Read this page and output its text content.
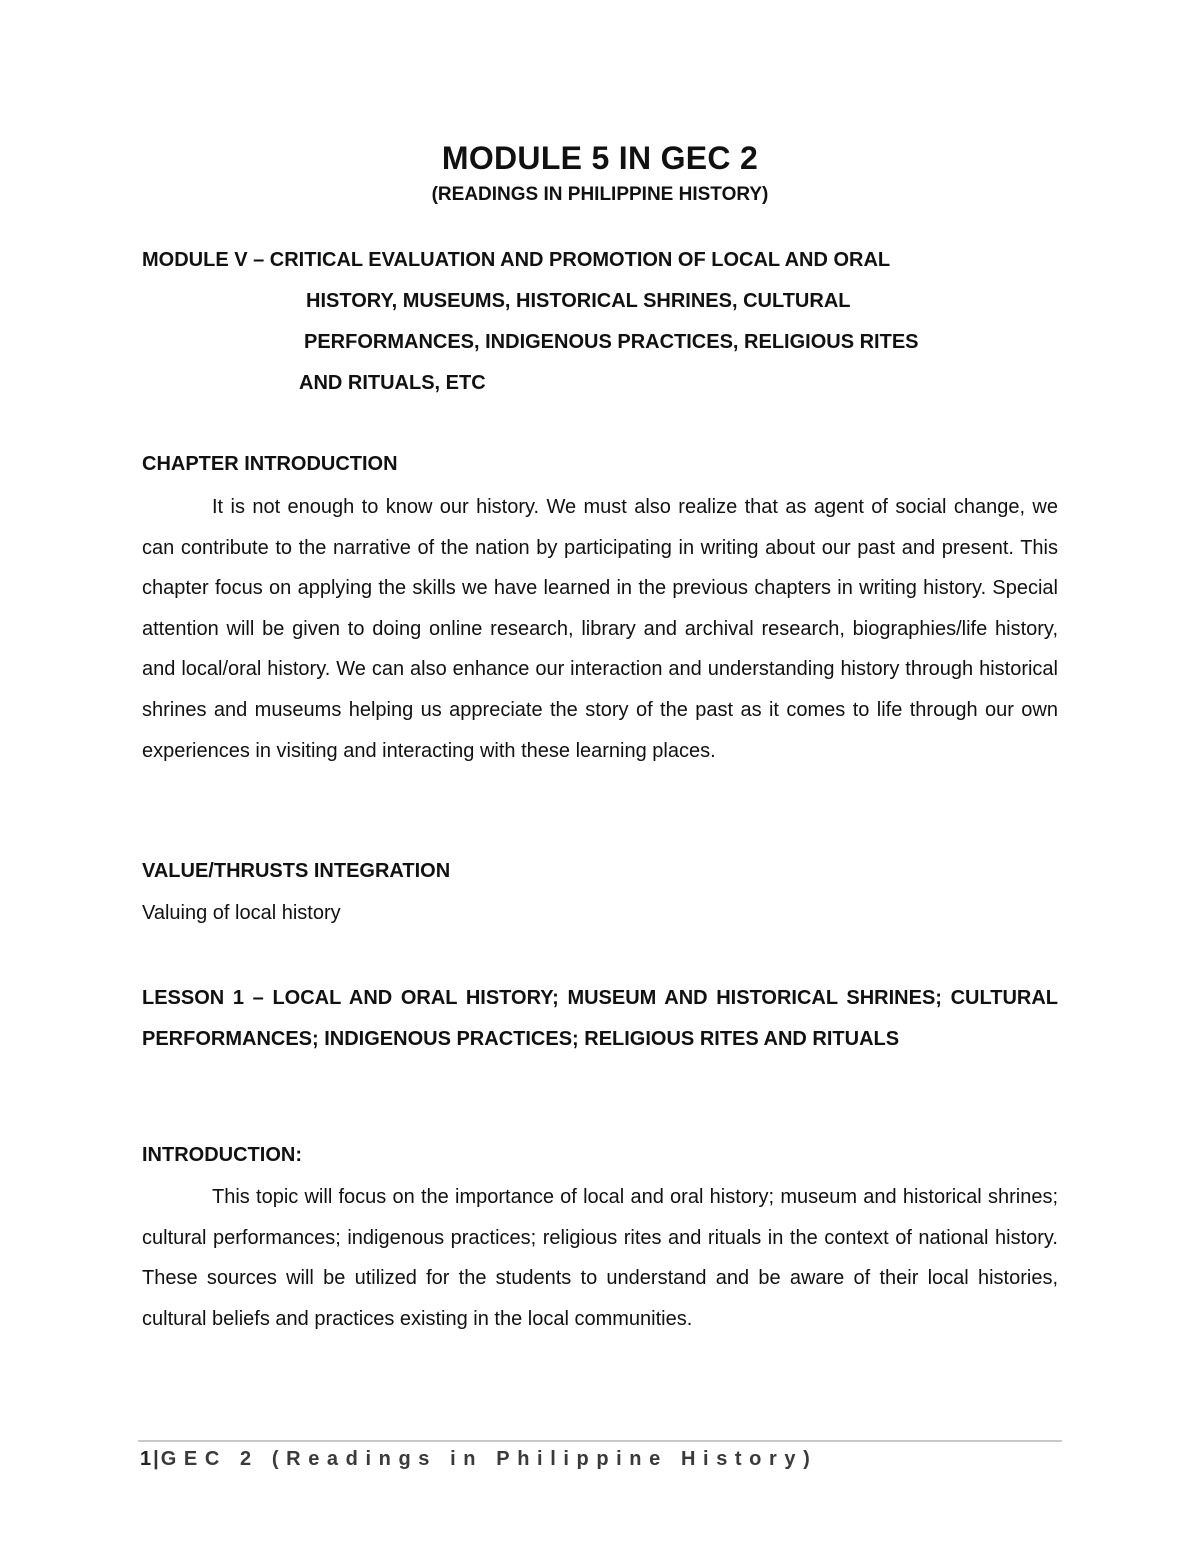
MODULE 5 IN GEC 2
(READINGS IN PHILIPPINE HISTORY)
MODULE V – CRITICAL EVALUATION AND PROMOTION OF LOCAL AND ORAL
HISTORY, MUSEUMS, HISTORICAL SHRINES, CULTURAL
PERFORMANCES, INDIGENOUS PRACTICES, RELIGIOUS RITES
AND RITUALS, ETC
CHAPTER INTRODUCTION
It is not enough to know our history. We must also realize that as agent of social change, we can contribute to the narrative of the nation by participating in writing about our past and present. This chapter focus on applying the skills we have learned in the previous chapters in writing history. Special attention will be given to doing online research, library and archival research, biographies/life history, and local/oral history. We can also enhance our interaction and understanding history through historical shrines and museums helping us appreciate the story of the past as it comes to life through our own experiences in visiting and interacting with these learning places.
VALUE/THRUSTS INTEGRATION
Valuing of local history
LESSON 1 – LOCAL AND ORAL HISTORY; MUSEUM AND HISTORICAL SHRINES; CULTURAL PERFORMANCES; INDIGENOUS PRACTICES; RELIGIOUS RITES AND RITUALS
INTRODUCTION:
This topic will focus on the importance of local and oral history; museum and historical shrines; cultural performances; indigenous practices; religious rites and rituals in the context of national history. These sources will be utilized for the students to understand and be aware of their local histories, cultural beliefs and practices existing in the local communities.
1 | GEC 2 (Readings in Philippine History)
